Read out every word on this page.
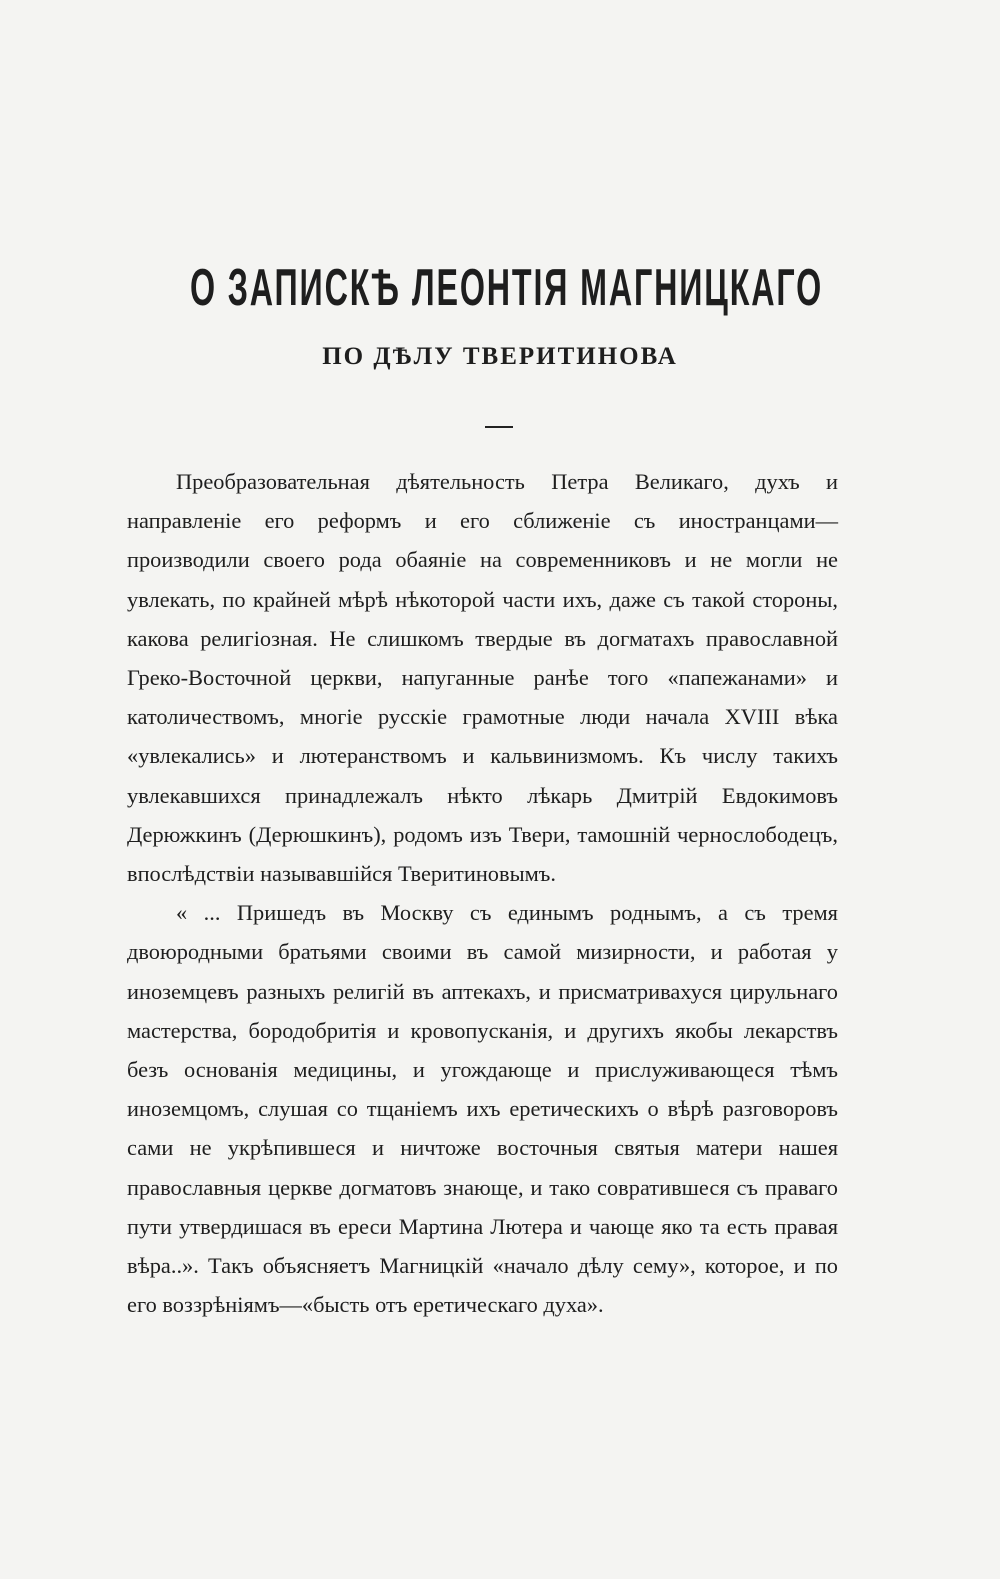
О ЗАПИСКѢ ЛЕОНТІЯ МАГНИЦКАГО
ПО ДѢЛУ ТВЕРИТИНОВА

Преобразовательная дѣятельность Петра Великаго, духъ и направленіе его реформъ и его сближеніе съ иностранцами— производили своего рода обаяніе на современниковъ и не могли не увлекать, по крайней мѣрѣ нѣкоторой части ихъ, даже съ такой стороны, какова религіозная. Не слишкомъ твердые въ догматахъ православной Греко-Восточной церкви, напуганные ранѣе того «папежанами» и католичествомъ, многіе русскіе грамотные люди начала XVIII вѣка «увлекались» и лютеранствомъ и кальвинизмомъ. Къ числу такихъ увлекавшихся принадлежалъ нѣкто лѣкарь Дмитрій Евдокимовъ Дерюжкинъ (Дерюшкинъ), родомъ изъ Твери, тамошній чернослободецъ, впослѣдствіи называвшійся Тверитиновымъ.

« ... Пришедъ въ Москву съ единымъ роднымъ, а съ тремя двоюродными братьями своими въ самой мизирности, и работая у иноземцевъ разныхъ религій въ аптекахъ, и присматривахуся цирульнаго мастерства, бородобритія и кровопусканія, и другихъ якобы лекарствъ безъ основанія медицины, и угождающе и прислуживающеся тѣмъ иноземцомъ, слушая со тщаніемъ ихъ еретическихъ о вѣрѣ разговоровъ сами не укрѣпившеся и ничтоже восточныя святыя матери нашея православныя церкве догматовъ знающе, и тако совратившеся съ праваго пути утвердишася въ ереси Мартина Лютера и чающе яко та есть правая вѣра..». Такъ объясняетъ Магницкій «начало дѣлу сему», которое, и по его воззрѣніямъ—«бысть отъ еретическаго духа».
